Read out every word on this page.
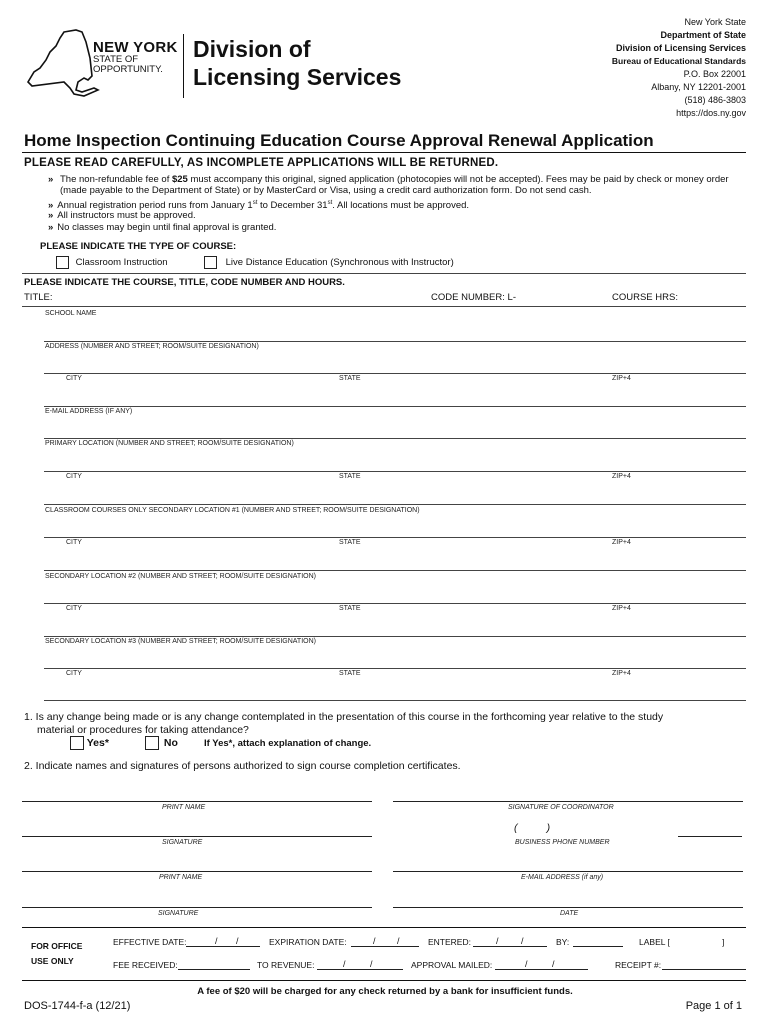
NEW YORK
STATE OF
OPPORTUNITY.
Division of
Licensing Services
New York State
Department of State
Division of Licensing Services
Bureau of Educational Standards
P.O. Box 22001
Albany, NY 12201-2001
(518) 486-3803
https://dos.ny.gov
Home Inspection Continuing Education Course Approval Renewal Application
PLEASE READ CAREFULLY, AS INCOMPLETE APPLICATIONS WILL BE RETURNED.
» The non-refundable fee of $25 must accompany this original, signed application (photocopies will not be accepted). Fees may be paid by check or money order (made payable to the Department of State) or by MasterCard or Visa, using a credit card authorization form. Do not send cash.
» Annual registration period runs from January 1st to December 31st. All locations must be approved.
» All instructors must be approved.
» No classes may begin until final approval is granted.
PLEASE INDICATE THE TYPE OF COURSE:
Classroom Instruction	Live Distance Education (Synchronous with Instructor)
PLEASE INDICATE THE COURSE, TITLE, CODE NUMBER AND HOURS.
TITLE:	CODE NUMBER: L-	COURSE HRS:
SCHOOL NAME
ADDRESS (NUMBER AND STREET; ROOM/SUITE DESIGNATION)
CITY	STATE	ZIP+4
E-MAIL ADDRESS (IF ANY)
PRIMARY LOCATION (NUMBER AND STREET; ROOM/SUITE DESIGNATION)
CITY	STATE	ZIP+4
CLASSROOM COURSES ONLY SECONDARY LOCATION #1 (NUMBER AND STREET; ROOM/SUITE DESIGNATION)
CITY	STATE	ZIP+4
SECONDARY LOCATION #2 (NUMBER AND STREET; ROOM/SUITE DESIGNATION)
CITY	STATE	ZIP+4
SECONDARY LOCATION #3 (NUMBER AND STREET; ROOM/SUITE DESIGNATION)
CITY	STATE	ZIP+4
1. Is any change being made or is any change contemplated in the presentation of this course in the forthcoming year relative to the study
material or procedures for taking attendance?
Yes*	No	If Yes*, attach explanation of change.
2. Indicate names and signatures of persons authorized to sign course completion certificates.
PRINT NAME	SIGNATURE OF COORDINATOR
(          )
SIGNATURE	BUSINESS PHONE NUMBER
PRINT NAME	E-MAIL ADDRESS (if any)
SIGNATURE	DATE
FOR OFFICE
USE ONLY
EFFECTIVE DATE:	/ /	EXPIRATION DATE:	/ /	ENTERED:	/ /	BY:	LABEL [	]
FEE RECEIVED:	TO REVENUE:	/	/	APPROVAL MAILED:	/	/	RECEIPT #:
A fee of $20 will be charged for any check returned by a bank for insufficient funds.
DOS-1744-f-a (12/21)	Page 1 of 1
